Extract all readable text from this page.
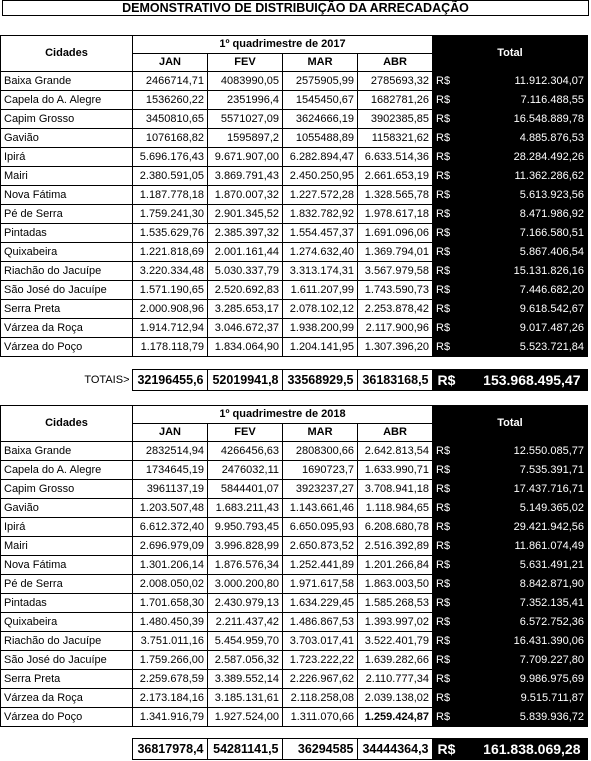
DEMONSTRATIVO DE DISTRIBUIÇÃO DA ARRECADAÇÃO
Cidades	1º quadrimestre de 2017				Total	
	JAN	FEV	MAR	ABR		
Baixa Grande	2466714,71	4083990,05	2575905,99	2785693,32	R$	11.912.304,07
Capela do A. Alegre	1536260,22	2351996,4	1545450,67	1682781,26	R$	7.116.488,55
Capim Grosso	3450810,65	5571027,09	3624666,19	3902385,85	R$	16.548.889,78
Gavião	1076168,82	1595897,2	1055488,89	1158321,62	R$	4.885.876,53
Ipirá	5.696.176,43	9.671.907,00	6.282.894,47	6.633.514,36	R$	28.284.492,26
Mairi	2.380.591,05	3.869.791,43	2.450.250,95	2.661.653,19	R$	11.362.286,62
Nova Fátima	1.187.778,18	1.870.007,32	1.227.572,28	1.328.565,78	R$	5.613.923,56
Pé de Serra	1.759.241,30	2.901.345,52	1.832.782,92	1.978.617,18	R$	8.471.986,92
Pintadas	1.535.629,76	2.385.397,32	1.554.457,37	1.691.096,06	R$	7.166.580,51
Quixabeira	1.221.818,69	2.001.161,44	1.274.632,40	1.369.794,01	R$	5.867.406,54
Riachão do Jacuípe	3.220.334,48	5.030.337,79	3.313.174,31	3.567.979,58	R$	15.131.826,16
São José do Jacuípe	1.571.190,65	2.520.692,83	1.611.207,99	1.743.590,73	R$	7.446.682,20
Serra Preta	2.000.908,96	3.285.653,17	2.078.102,12	2.253.878,42	R$	9.618.542,67
Várzea da Roça	1.914.712,94	3.046.672,37	1.938.200,99	2.117.900,96	R$	9.017.487,26
Várzea do Poço	1.178.118,79	1.834.064,90	1.204.141,95	1.307.396,20	R$	5.523.721,84
TOTAIS>	32196455,6	52019941,8	33568929,5	36183168,5	R$	153.968.495,47
Cidades	1º quadrimestre de 2018				Total	
	JAN	FEV	MAR	ABR		
Baixa Grande	2832514,94	4266456,63	2808300,66	2.642.813,54	R$	12.550.085,77
Capela do A. Alegre	1734645,19	2476032,11	1690723,7	1.633.990,71	R$	7.535.391,71
Capim Grosso	3961137,19	5844401,07	3923237,27	3.708.941,18	R$	17.437.716,71
Gavião	1.203.507,48	1.683.211,43	1.143.661,46	1.118.984,65	R$	5.149.365,02
Ipirá	6.612.372,40	9.950.793,45	6.650.095,93	6.208.680,78	R$	29.421.942,56
Mairi	2.696.979,09	3.996.828,99	2.650.873,52	2.516.392,89	R$	11.861.074,49
Nova Fátima	1.301.206,14	1.876.576,34	1.252.441,89	1.201.266,84	R$	5.631.491,21
Pé de Serra	2.008.050,02	3.000.200,80	1.971.617,58	1.863.003,50	R$	8.842.871,90
Pintadas	1.701.658,30	2.430.979,13	1.634.229,45	1.585.268,53	R$	7.352.135,41
Quixabeira	1.480.450,39	2.211.437,42	1.486.867,53	1.393.997,02	R$	6.572.752,36
Riachão do Jacuípe	3.751.011,16	5.454.959,70	3.703.017,41	3.522.401,79	R$	16.431.390,06
São José do Jacuípe	1.759.266,00	2.587.056,32	1.723.222,22	1.639.282,66	R$	7.709.227,80
Serra Preta	2.259.678,59	3.389.552,14	2.226.967,62	2.110.777,34	R$	9.986.975,69
Várzea da Roça	2.173.184,16	3.185.131,61	2.118.258,08	2.039.138,02	R$	9.515.711,87
Várzea do Poço	1.341.916,79	1.927.524,00	1.311.070,66	1.259.424,87	R$	5.839.936,72
	36817978,4	54281141,5	36294585	34444364,3	R$	161.838.069,28
